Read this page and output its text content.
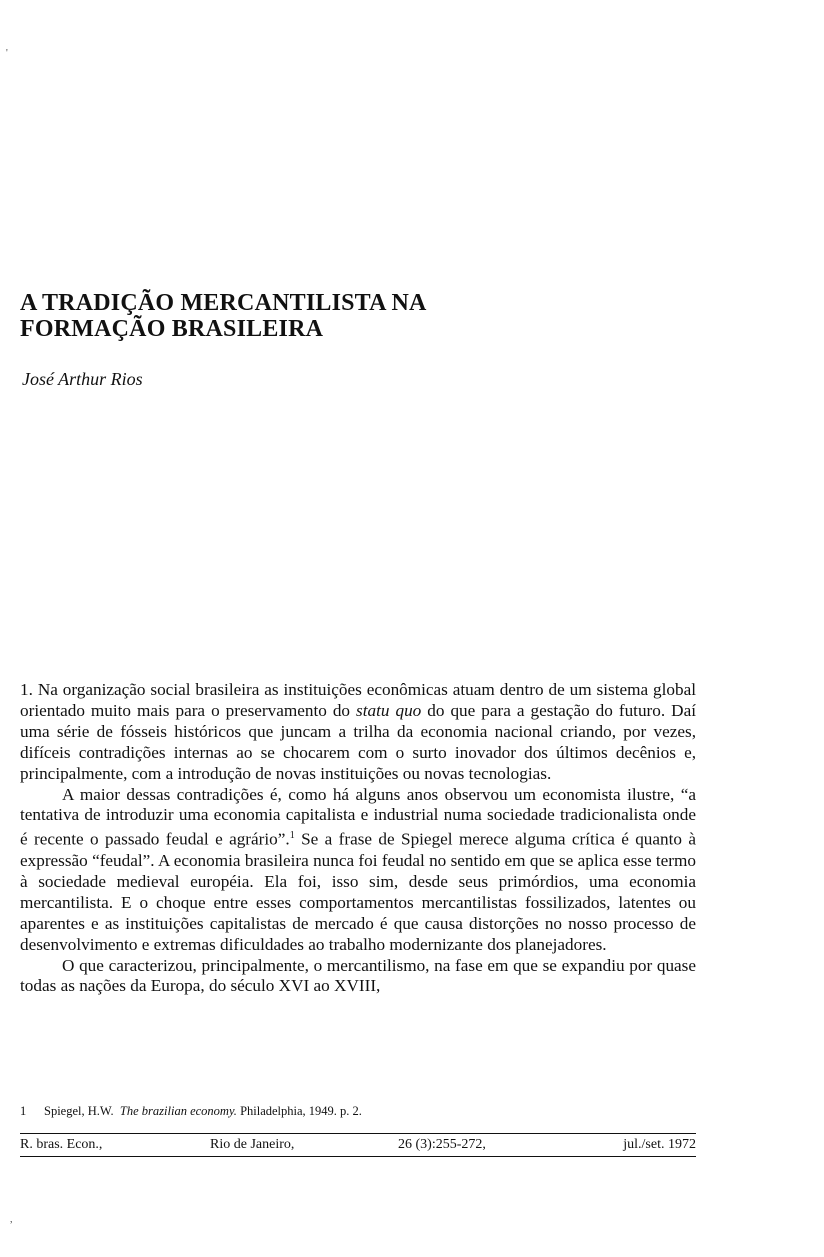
'
A TRADIÇÃO MERCANTILISTA NA
FORMAÇÃO BRASILEIRA
José Arthur Rios

1. Na organização social brasileira as instituições econômicas atuam dentro de um sistema global orientado muito mais para o preservamento do statu quo do que para a gestação do futuro. Daí uma série de fósseis históricos que juncam a trilha da economia nacional criando, por vezes, difíceis contradições internas ao se chocarem com o surto inovador dos últimos decênios e, principalmente, com a introdução de novas instituições ou novas tecnologias.

A maior dessas contradições é, como há alguns anos observou um economista ilustre, “a tentativa de introduzir uma economia capitalista e industrial numa sociedade tradicionalista onde é recente o passado feudal e agrário”.$^1$ Se a frase de Spiegel merece alguma crítica é quanto à expressão “feudal”. A economia brasileira nunca foi feudal no sentido em que se aplica esse termo à sociedade medieval européia. Ela foi, isso sim, desde seus primórdios, uma economia mercantilista. E o choque entre esses comportamentos mercantilistas fossilizados, latentes ou aparentes e as instituições capitalistas de mercado é que causa distorções no nosso processo de desenvolvimento e extremas dificuldades ao trabalho modernizante dos planejadores.

O que caracterizou, principalmente, o mercantilismo, na fase em que se expandiu por quase todas as nações da Europa, do século XVI ao XVIII,

1 Spiegel, H.W. The brazilian economy. Philadelphia, 1949. p. 2.
R. bras. Econ.,	Rio de Janeiro,	26 (3):255-272,	jul./set. 1972
,
